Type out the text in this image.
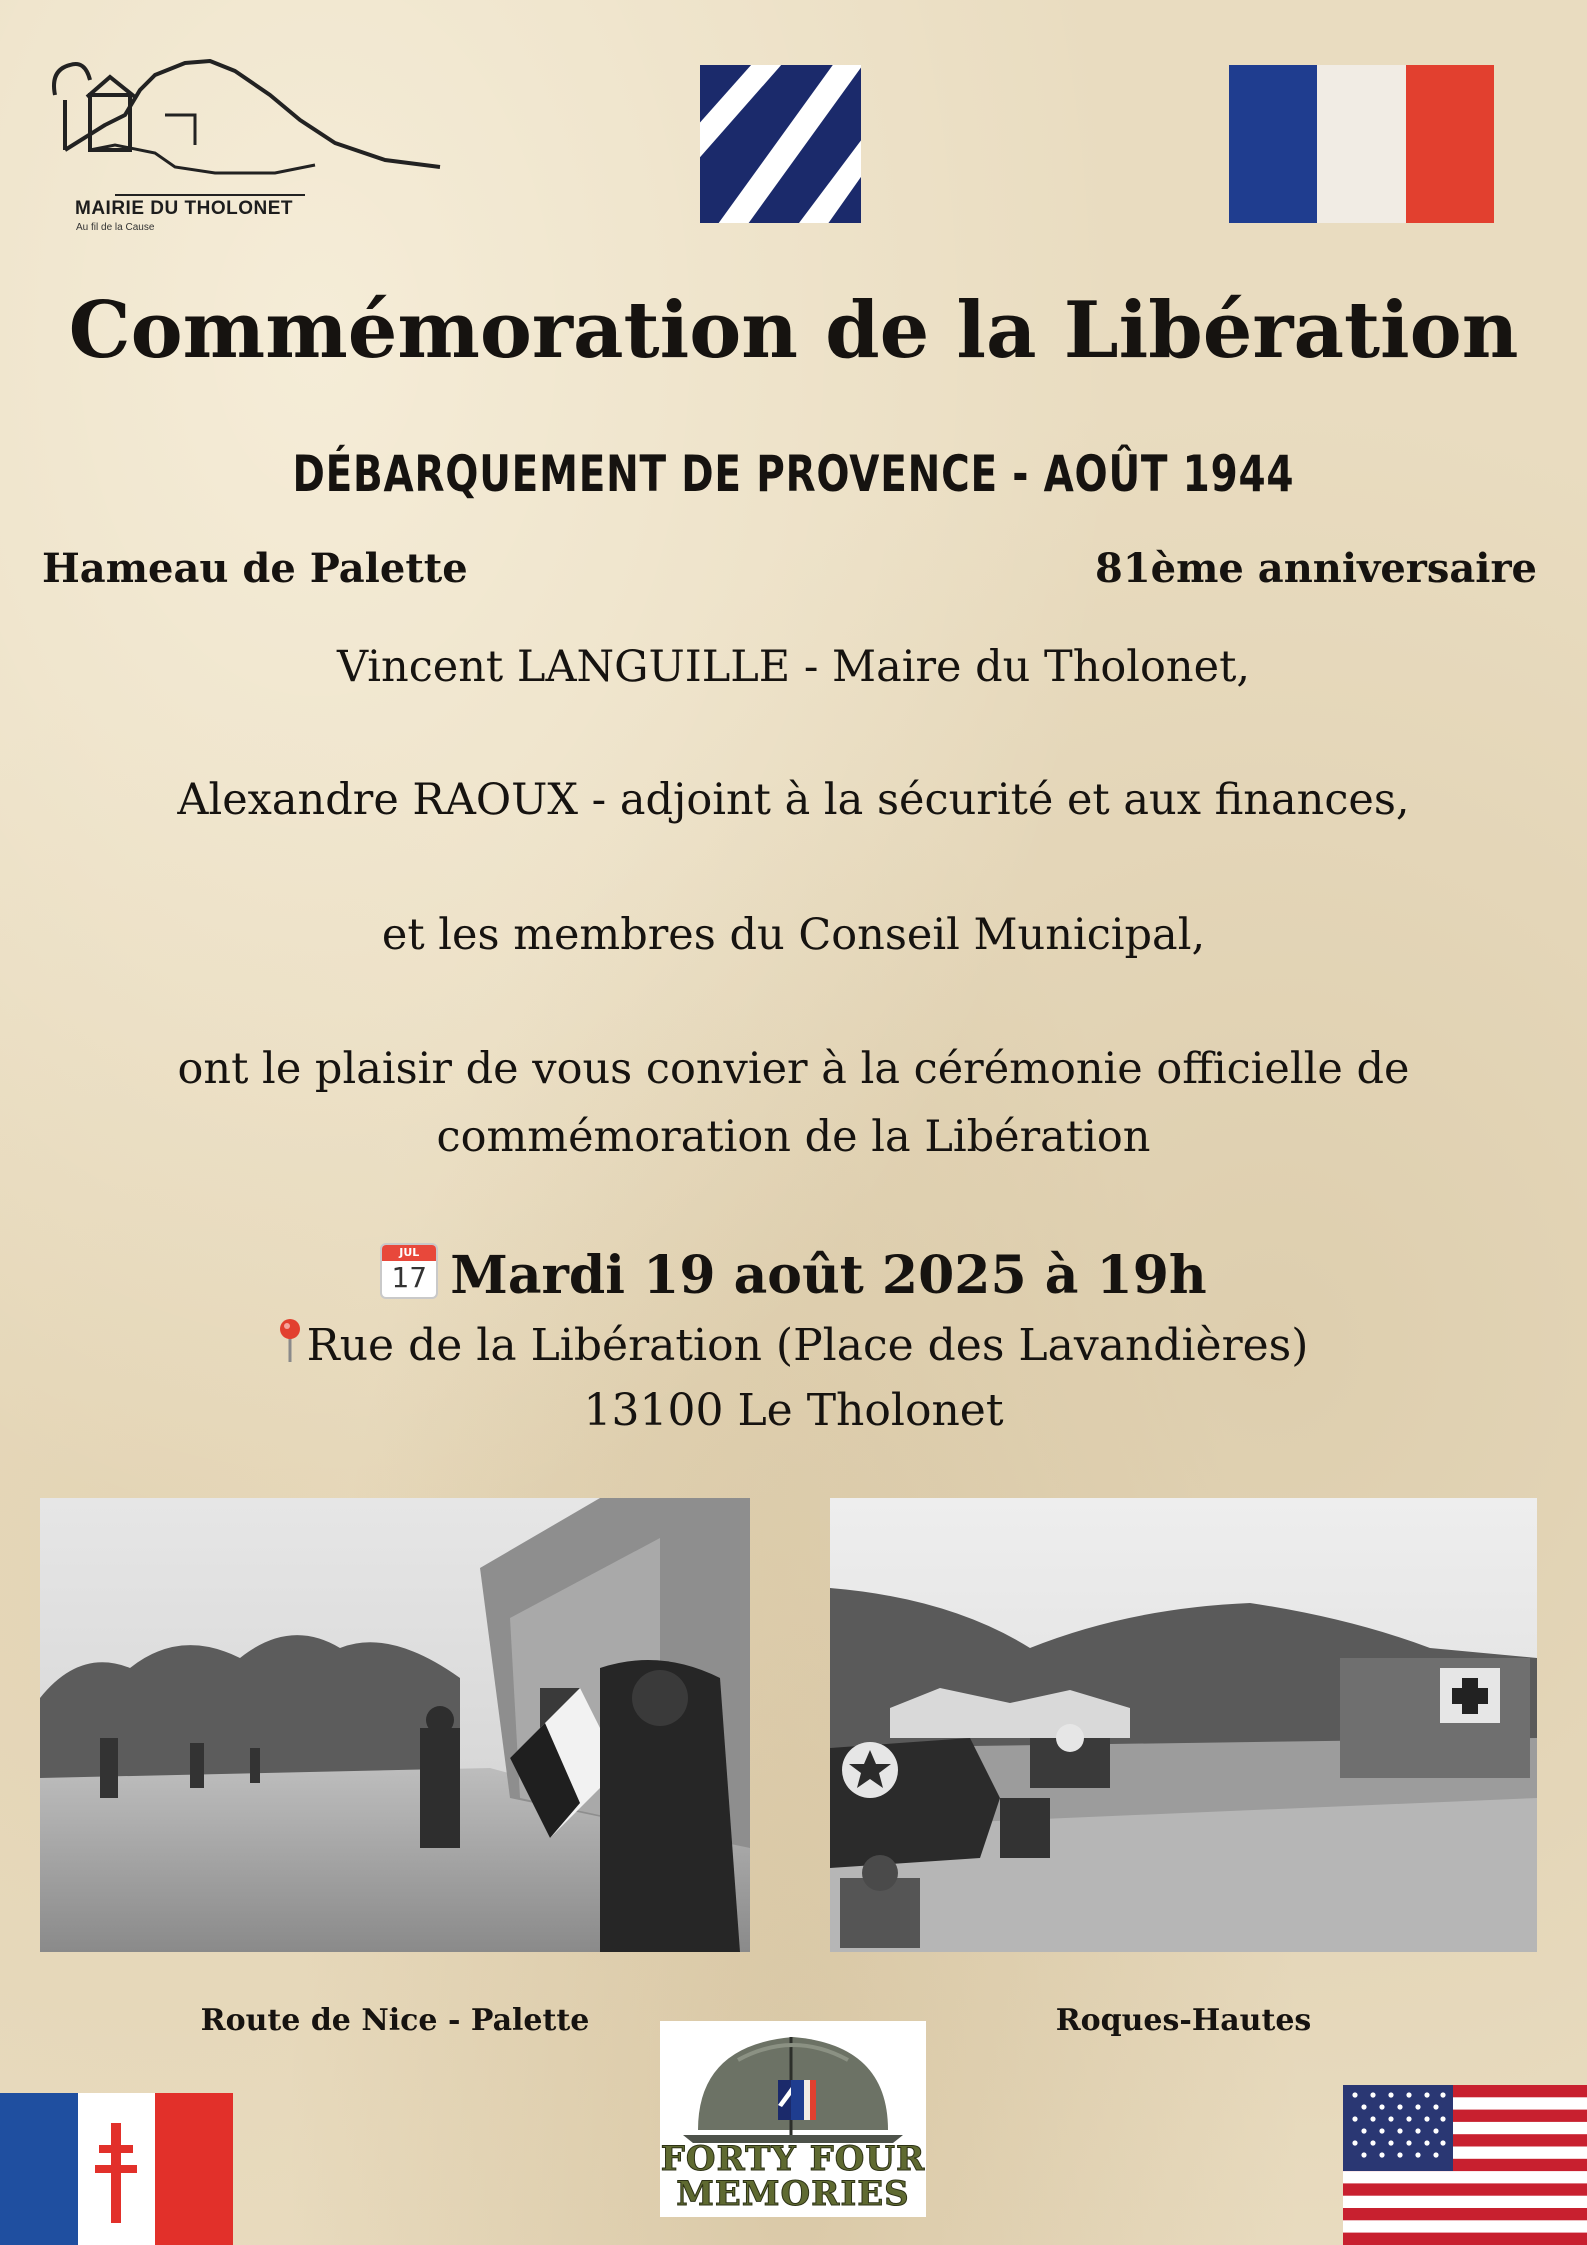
MAIRIE DU THOLONET
Au fil de la Cause
Commémoration de la Libération
DÉBARQUEMENT DE PROVENCE - AOÛT 1944
Hameau de Palette	81ème anniversaire
Vincent LANGUILLE - Maire du Tholonet,
Alexandre RAOUX - adjoint à la sécurité et aux finances,
et les membres du Conseil Municipal,
ont le plaisir de vous convier à la cérémonie officielle de
commémoration de la Libération
JUL
17 Mardi 19 août 2025 à 19h
Rue de la Libération (Place des Lavandières)
13100 Le Tholonet
Route de Nice - Palette	Roques-Hautes
FORTY FOUR
MEMORIES
